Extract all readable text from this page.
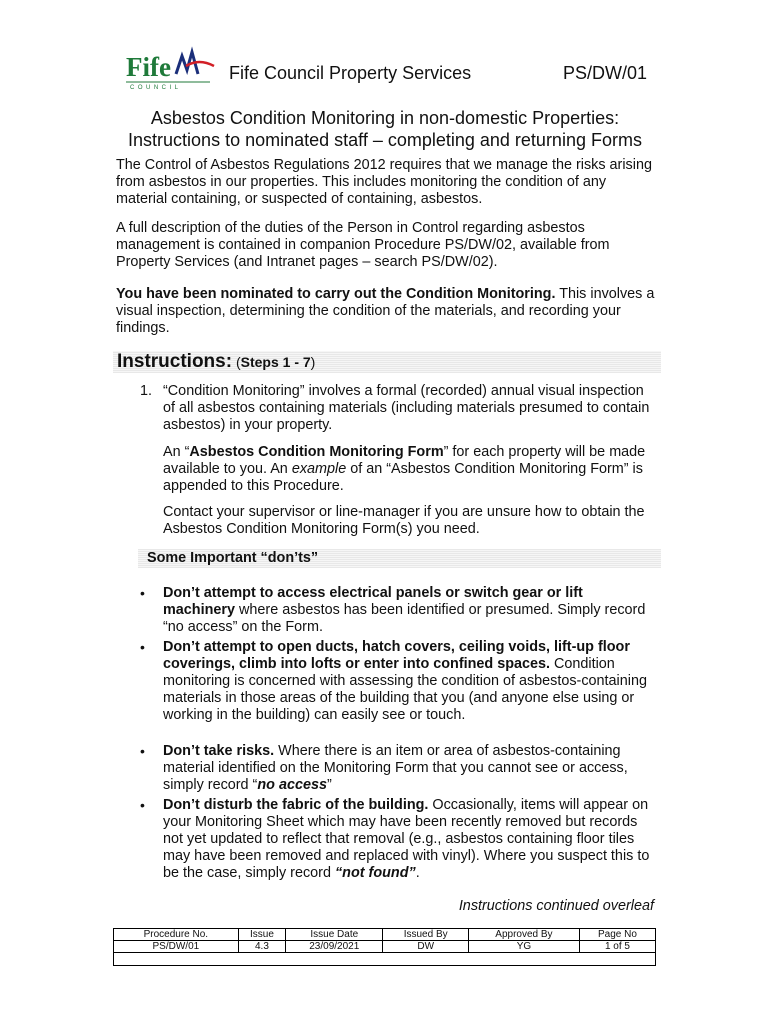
Fife
COUNCIL
Fife Council Property Services	PS/DW/01
Asbestos Condition Monitoring in non-domestic Properties:
Instructions to nominated staff – completing and returning Forms
The Control of Asbestos Regulations 2012 requires that we manage the risks arising from asbestos in our properties. This includes monitoring the condition of any material containing, or suspected of containing, asbestos.
A full description of the duties of the Person in Control regarding asbestos management is contained in companion Procedure PS/DW/02, available from Property Services (and Intranet pages – search PS/DW/02).
You have been nominated to carry out the Condition Monitoring. This involves a visual inspection, determining the condition of the materials, and recording your findings.
Instructions: (Steps 1 - 7)
1. “Condition Monitoring” involves a formal (recorded) annual visual inspection of all asbestos containing materials (including materials presumed to contain asbestos) in your property.
An “Asbestos Condition Monitoring Form” for each property will be made available to you. An example of an “Asbestos Condition Monitoring Form” is appended to this Procedure.
Contact your supervisor or line-manager if you are unsure how to obtain the Asbestos Condition Monitoring Form(s) you need.
Some Important “don’ts”
• Don’t attempt to access electrical panels or switch gear or lift machinery where asbestos has been identified or presumed. Simply record “no access” on the Form.
• Don’t attempt to open ducts, hatch covers, ceiling voids, lift-up floor coverings, climb into lofts or enter into confined spaces. Condition monitoring is concerned with assessing the condition of asbestos-containing materials in those areas of the building that you (and anyone else using or working in the building) can easily see or touch.
• Don’t take risks. Where there is an item or area of asbestos-containing material identified on the Monitoring Form that you cannot see or access, simply record “no access”
• Don’t disturb the fabric of the building. Occasionally, items will appear on your Monitoring Sheet which may have been recently removed but records not yet updated to reflect that removal (e.g., asbestos containing floor tiles may have been removed and replaced with vinyl). Where you suspect this to be the case, simply record “not found”.
Instructions continued overleaf
Procedure No.	Issue	Issue Date	Issued By	Approved By	Page No
PS/DW/01	4.3	23/09/2021	DW	YG	1 of 5
